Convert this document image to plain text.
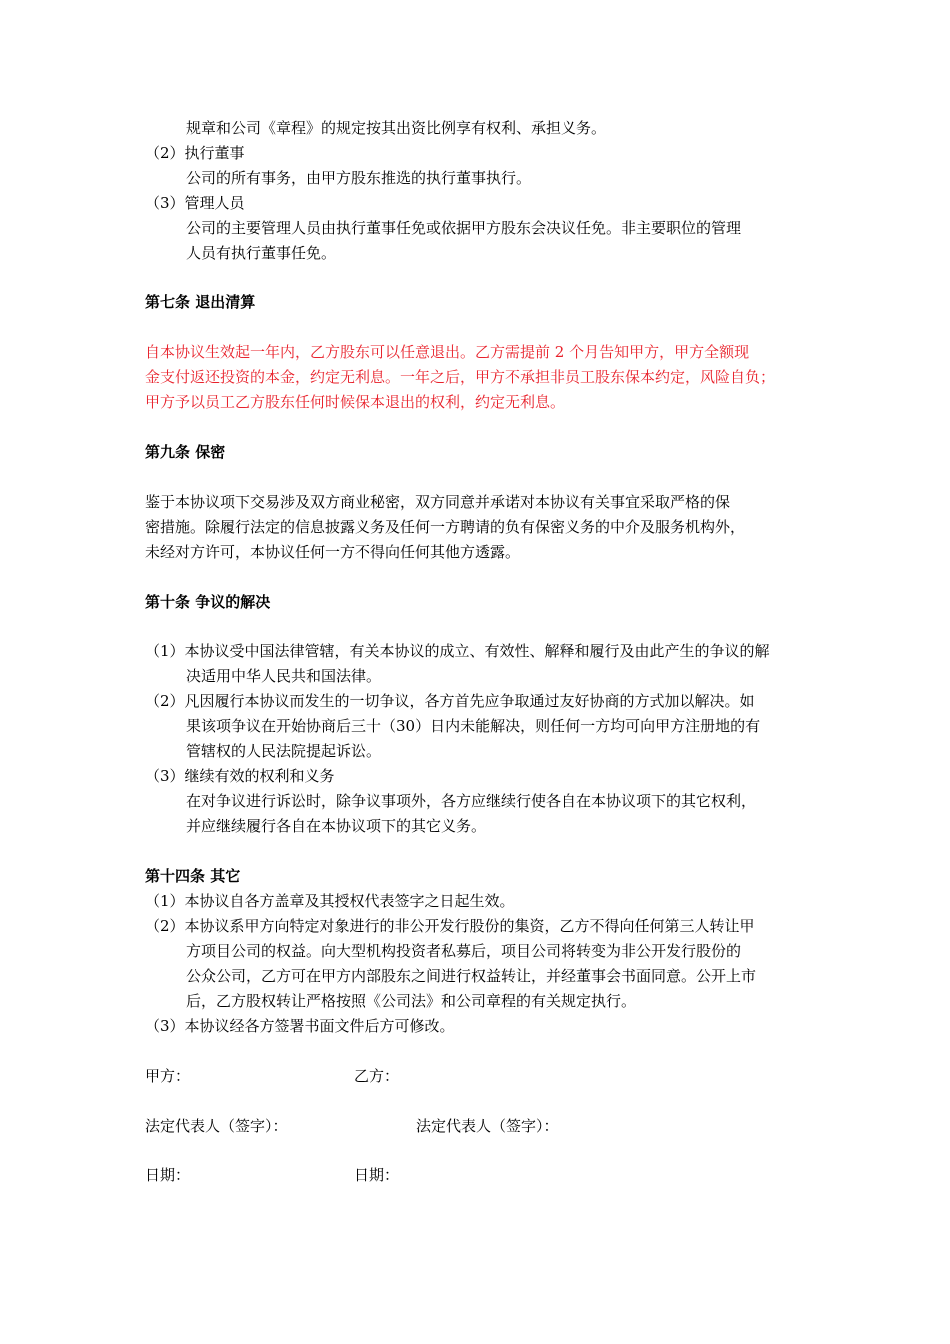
规章和公司《章程》的规定按其出资比例享有权利、承担义务。
（2）执行董事
公司的所有事务，由甲方股东推选的执行董事执行。
（3）管理人员
公司的主要管理人员由执行董事任免或依据甲方股东会决议任免。非主要职位的管理
人员有执行董事任免。
第七条 退出清算
自本协议生效起一年内，乙方股东可以任意退出。乙方需提前 2 个月告知甲方，甲方全额现
金支付返还投资的本金，约定无利息。一年之后，甲方不承担非员工股东保本约定，风险自负；
甲方予以员工乙方股东任何时候保本退出的权利，约定无利息。
第九条 保密
鉴于本协议项下交易涉及双方商业秘密，双方同意并承诺对本协议有关事宜采取严格的保
密措施。除履行法定的信息披露义务及任何一方聘请的负有保密义务的中介及服务机构外，
未经对方许可，本协议任何一方不得向任何其他方透露。
第十条 争议的解决
（1）本协议受中国法律管辖，有关本协议的成立、有效性、解释和履行及由此产生的争议的解
决适用中华人民共和国法律。
（2）凡因履行本协议而发生的一切争议，各方首先应争取通过友好协商的方式加以解决。如
果该项争议在开始协商后三十（30）日内未能解决，则任何一方均可向甲方注册地的有
管辖权的人民法院提起诉讼。
（3）继续有效的权利和义务
在对争议进行诉讼时，除争议事项外，各方应继续行使各自在本协议项下的其它权利，
并应继续履行各自在本协议项下的其它义务。
第十四条 其它
（1）本协议自各方盖章及其授权代表签字之日起生效。
（2）本协议系甲方向特定对象进行的非公开发行股份的集资，乙方不得向任何第三人转让甲
方项目公司的权益。向大型机构投资者私募后，项目公司将转变为非公开发行股份的
公众公司，乙方可在甲方内部股东之间进行权益转让，并经董事会书面同意。公开上市
后，乙方股权转让严格按照《公司法》和公司章程的有关规定执行。
（3）本协议经各方签署书面文件后方可修改。
甲方：	乙方：
法定代表人（签字）：	法定代表人（签字）：
日期：	日期：
